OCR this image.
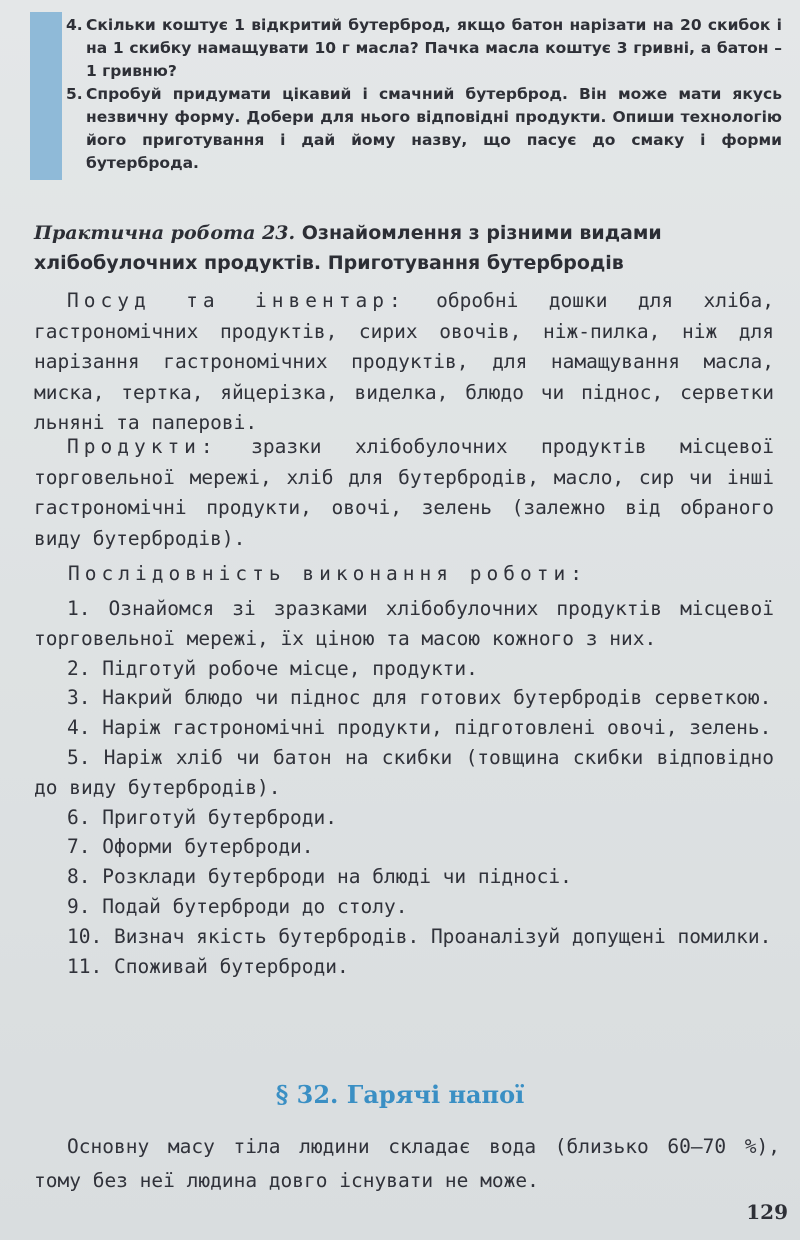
4. Скільки коштує 1 відкритий бутерброд, якщо батон нарізати на 20 скибок і на 1 скибку намащувати 10 г масла? Пачка масла коштує 3 гривні, а батон – 1 гривню?
5. Спробуй придумати цікавий і смачний бутерброд. Він може мати якусь незвичну форму. Добери для нього відповідні продукти. Опиши технологію його приготування і дай йому назву, що пасує до смаку і форми бутерброда.
Практична робота 23. Ознайомлення з різними видами хлібобулочних продуктів. Приготування бутербродів
Посуд та інвентар: обробні дошки для хліба, гастрономічних продуктів, сирих овочів, ніж-пилка, ніж для нарізання гастрономічних продуктів, для намащування масла, миска, тертка, яйцерізка, виделка, блюдо чи піднос, серветки льняні та паперові.
Продукти: зразки хлібобулочних продуктів місцевої торговельної мережі, хліб для бутербродів, масло, сир чи інші гастрономічні продукти, овочі, зелень (залежно від обраного виду бутербродів).
Послідовність виконання роботи:
1. Ознайомся зі зразками хлібобулочних продуктів місцевої торговельної мережі, їх ціною та масою кожного з них.
2. Підготуй робоче місце, продукти.
3. Накрий блюдо чи піднос для готових бутербродів серветкою.
4. Наріж гастрономічні продукти, підготовлені овочі, зелень.
5. Наріж хліб чи батон на скибки (товщина скибки відповідно до виду бутербродів).
6. Приготуй бутерброди.
7. Оформи бутерброди.
8. Розклади бутерброди на блюді чи підносі.
9. Подай бутерброди до столу.
10. Визнач якість бутербродів. Проаналізуй допущені помилки.
11. Споживай бутерброди.
§ 32. Гарячі напої
Основну масу тіла людини складає вода (близько 60–70 %), тому без неї людина довго існувати не може.
129
